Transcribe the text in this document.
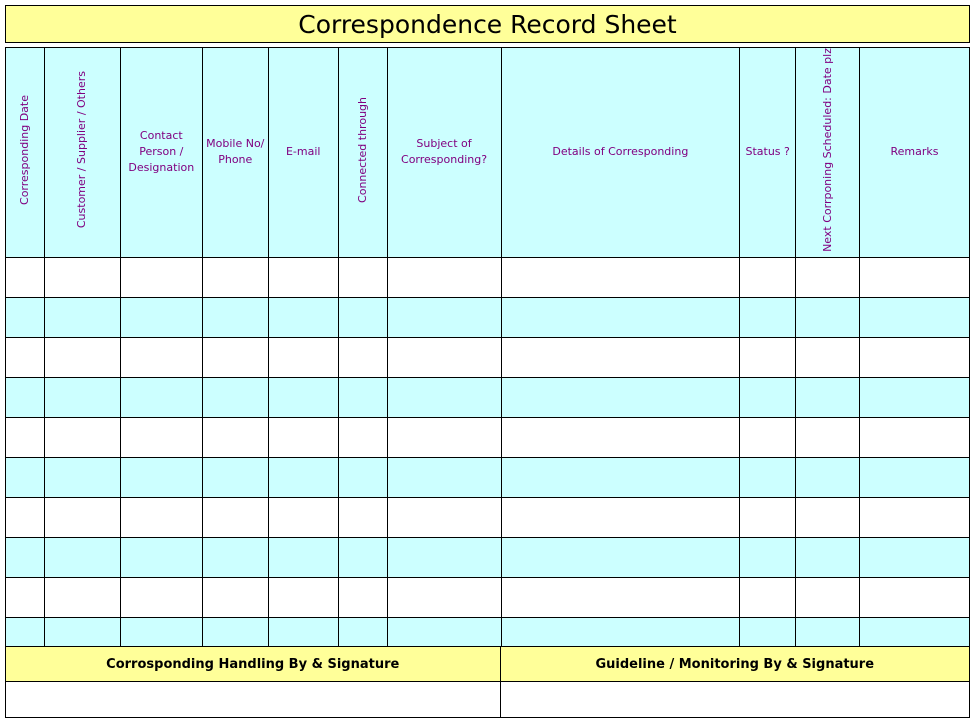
Correspondence Record Sheet
Corresponding Date	Customer / Supplier / Others	Contact Person / Designation	Mobile No/ Phone	E-mail	Connected through	Subject of Corresponding?	Details of Corresponding	Status ?	Next Corrponing Scheduled: Date plz	Remarks

Corrosponding Handling By & Signature	Guideline / Monitoring By & Signature
